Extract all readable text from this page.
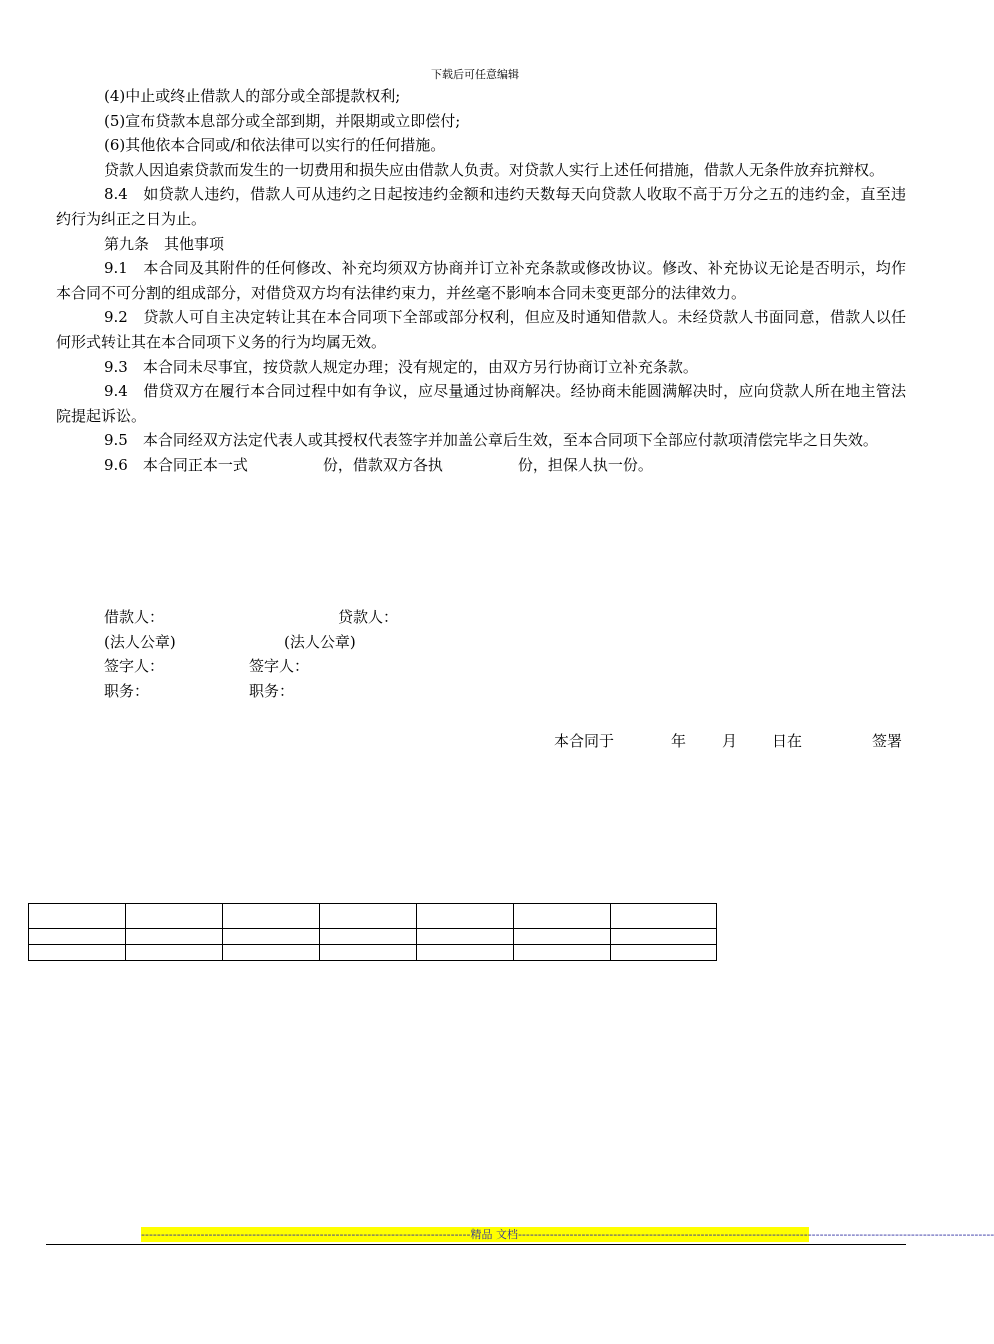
下载后可任意编辑

(4)中止或终止借款人的部分或全部提款权利;

(5)宣布贷款本息部分或全部到期，并限期或立即偿付;

(6)其他依本合同或/和依法律可以实行的任何措施。

贷款人因追索贷款而发生的一切费用和损失应由借款人负责。对贷款人实行上述任何措施，借款人无条件放弃抗辩权。

8.4　如贷款人违约，借款人可从违约之日起按违约金额和违约天数每天向贷款人收取不高于万分之五的违约金，直至违约行为纠正之日为止。

第九条　其他事项

9.1　本合同及其附件的任何修改、补充均须双方协商并订立补充条款或修改协议。修改、补充协议无论是否明示，均作本合同不可分割的组成部分，对借贷双方均有法律约束力，并丝毫不影响本合同未变更部分的法律效力。

9.2　贷款人可自主决定转让其在本合同项下全部或部分权利，但应及时通知借款人。未经贷款人书面同意，借款人以任何形式转让其在本合同项下义务的行为均属无效。

9.3　本合同未尽事宜，按贷款人规定办理；没有规定的，由双方另行协商订立补充条款。

9.4　借贷双方在履行本合同过程中如有争议，应尽量通过协商解决。经协商未能圆满解决时，应向贷款人所在地主管法院提起诉讼。

9.5　本合同经双方法定代表人或其授权代表签字并加盖公章后生效，至本合同项下全部应付款项清偿完毕之日失效。

9.6　本合同正本一式　　　　　份，借款双方各执　　　　　份，担保人执一份。

借款人：	贷款人：
(法人公章)	(法人公章)
签字人：	签字人：
职务：	职务：
本合同于	年 月 日在	签署

-----------------------------------------------------------------------------------精品 文档------------------------------------------------------------------------------------------------------------------------
